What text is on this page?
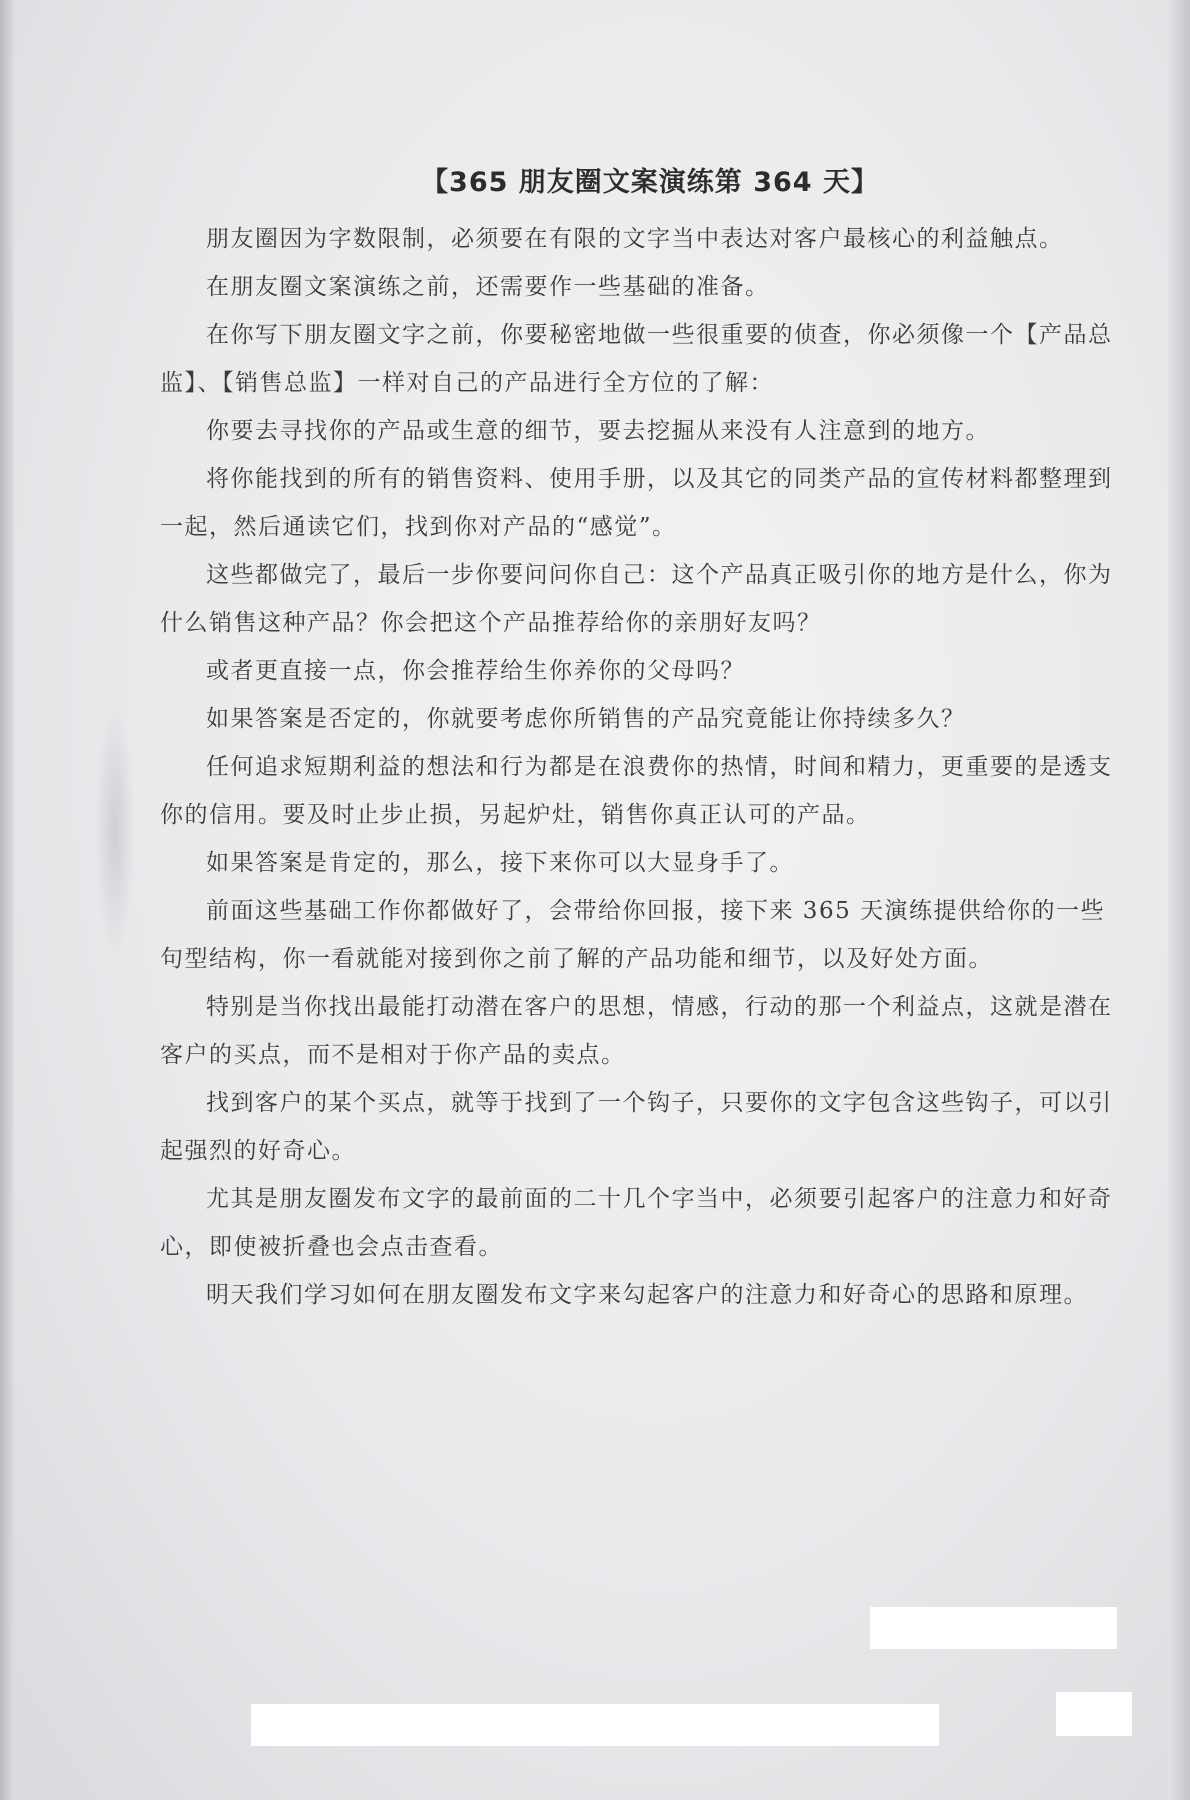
【365 朋友圈文案演练第 364 天】

朋友圈因为字数限制，必须要在有限的文字当中表达对客户最核心的利益触点。

在朋友圈文案演练之前，还需要作一些基础的准备。

在你写下朋友圈文字之前，你要秘密地做一些很重要的侦查，你必须像一个【产品总监】、【销售总监】一样对自己的产品进行全方位的了解：

你要去寻找你的产品或生意的细节，要去挖掘从来没有人注意到的地方。

将你能找到的所有的销售资料、使用手册，以及其它的同类产品的宣传材料都整理到一起，然后通读它们，找到你对产品的“感觉”。

这些都做完了，最后一步你要问问你自己：这个产品真正吸引你的地方是什么，你为什么销售这种产品？你会把这个产品推荐给你的亲朋好友吗？

或者更直接一点，你会推荐给生你养你的父母吗？

如果答案是否定的，你就要考虑你所销售的产品究竟能让你持续多久？

任何追求短期利益的想法和行为都是在浪费你的热情，时间和精力，更重要的是透支你的信用。要及时止步止损，另起炉灶，销售你真正认可的产品。

如果答案是肯定的，那么，接下来你可以大显身手了。

前面这些基础工作你都做好了，会带给你回报，接下来 365 天演练提供给你的一些句型结构，你一看就能对接到你之前了解的产品功能和细节，以及好处方面。

特别是当你找出最能打动潜在客户的思想，情感，行动的那一个利益点，这就是潜在客户的买点，而不是相对于你产品的卖点。

找到客户的某个买点，就等于找到了一个钩子，只要你的文字包含这些钩子，可以引起强烈的好奇心。

尤其是朋友圈发布文字的最前面的二十几个字当中，必须要引起客户的注意力和好奇心，即使被折叠也会点击查看。

明天我们学习如何在朋友圈发布文字来勾起客户的注意力和好奇心的思路和原理。
